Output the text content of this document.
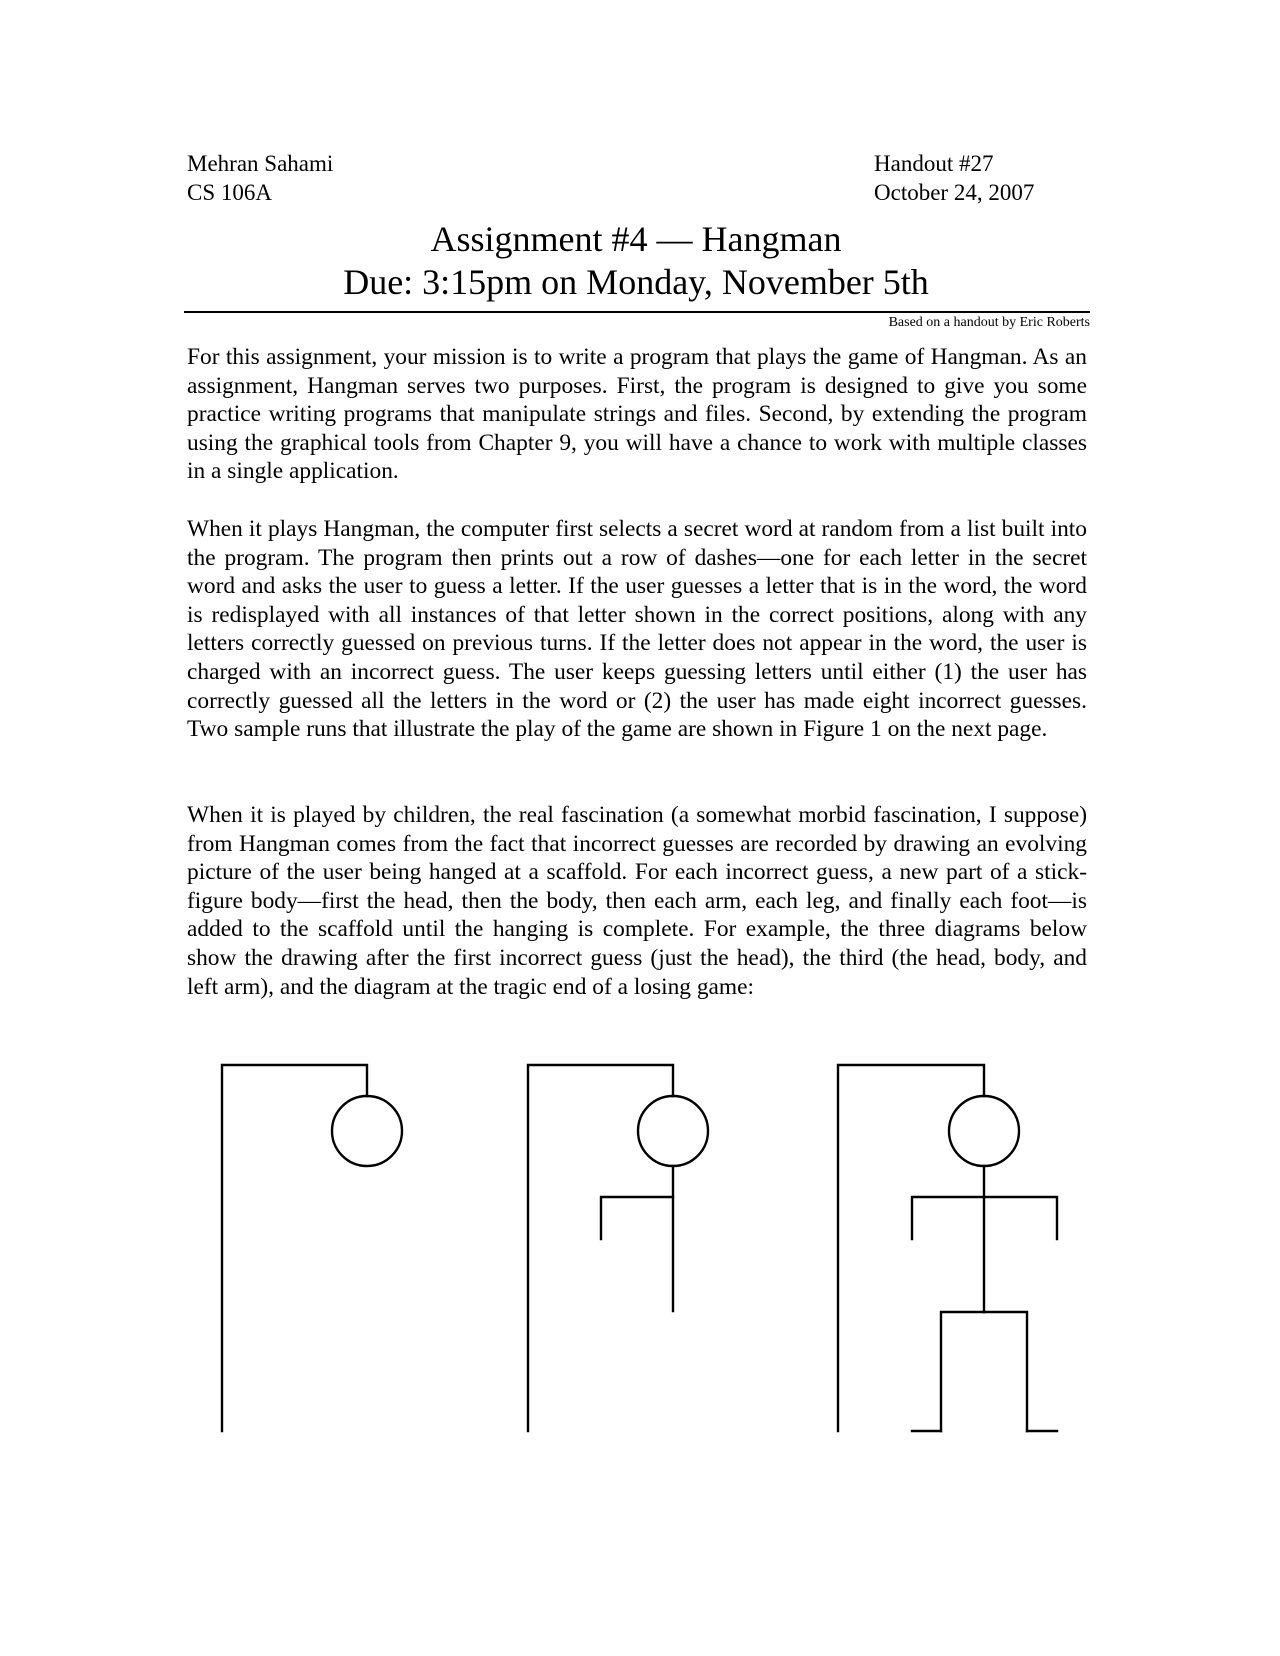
Mehran Sahami
CS 106A
Handout #27
October 24, 2007
Assignment #4 — Hangman
Due: 3:15pm on Monday, November 5th
Based on a handout by Eric Roberts
For this assignment, your mission is to write a program that plays the game of Hangman. As an assignment, Hangman serves two purposes. First, the program is designed to give you some practice writing programs that manipulate strings and files. Second, by extending the program using the graphical tools from Chapter 9, you will have a chance to work with multiple classes in a single application.
When it plays Hangman, the computer first selects a secret word at random from a list built into the program. The program then prints out a row of dashes—one for each letter in the secret word and asks the user to guess a letter. If the user guesses a letter that is in the word, the word is redisplayed with all instances of that letter shown in the correct positions, along with any letters correctly guessed on previous turns. If the letter does not appear in the word, the user is charged with an incorrect guess. The user keeps guessing letters until either (1) the user has correctly guessed all the letters in the word or (2) the user has made eight incorrect guesses. Two sample runs that illustrate the play of the game are shown in Figure 1 on the next page.
When it is played by children, the real fascination (a somewhat morbid fascination, I suppose) from Hangman comes from the fact that incorrect guesses are recorded by drawing an evolving picture of the user being hanged at a scaffold. For each incorrect guess, a new part of a stick-figure body—first the head, then the body, then each arm, each leg, and finally each foot—is added to the scaffold until the hanging is complete. For example, the three diagrams below show the drawing after the first incorrect guess (just the head), the third (the head, body, and left arm), and the diagram at the tragic end of a losing game:
